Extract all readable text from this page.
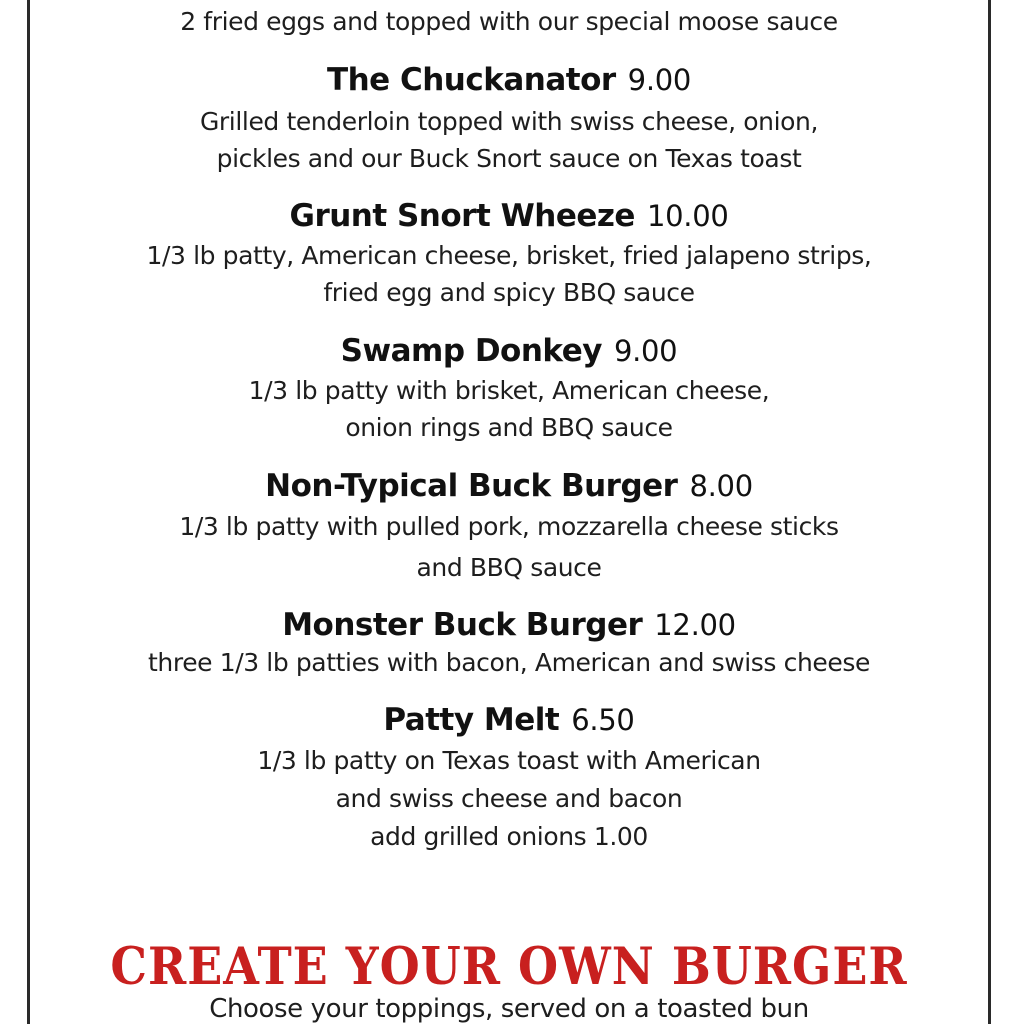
2 fried eggs and topped with our special moose sauce
The Chuckanator 9.00
Grilled tenderloin topped with swiss cheese, onion,
pickles and our Buck Snort sauce on Texas toast
Grunt Snort Wheeze 10.00
1/3 lb patty, American cheese, brisket, fried jalapeno strips,
fried egg and spicy BBQ sauce
Swamp Donkey 9.00
1/3 lb patty with brisket, American cheese,
onion rings and BBQ sauce
Non-Typical Buck Burger 8.00
1/3 lb patty with pulled pork, mozzarella cheese sticks
and BBQ sauce
Monster Buck Burger 12.00
three 1/3 lb patties with bacon, American and swiss cheese
Patty Melt 6.50
1/3 lb patty on Texas toast with American
and swiss cheese and bacon
add grilled onions 1.00
CREATE YOUR OWN BURGER
Choose your toppings, served on a toasted bun
